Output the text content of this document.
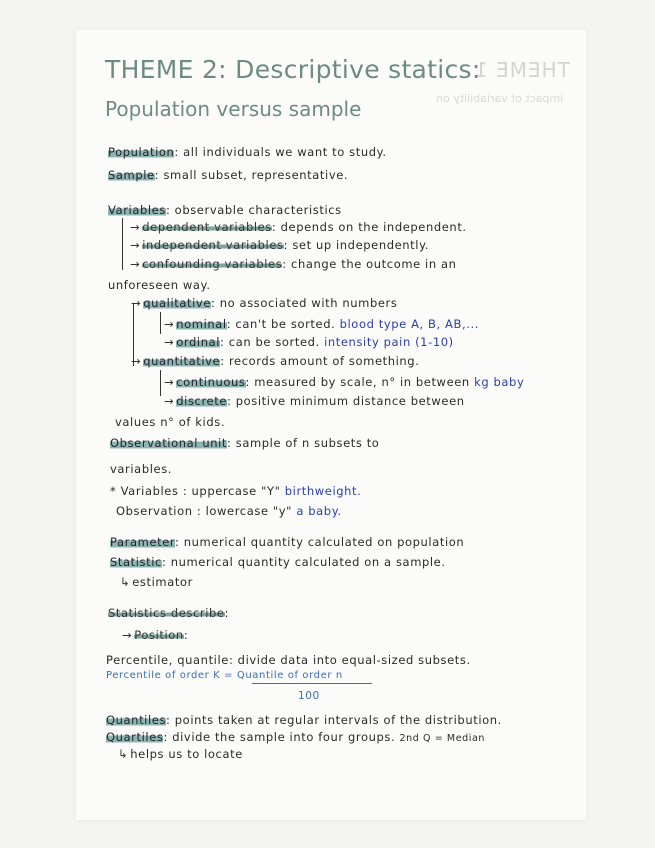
THEME 1
impact of variability on
THEME 2: Descriptive statics:
Population versus sample
Population: all individuals we want to study.
Sample: small subset, representative.
Variables: observable characteristics
→ dependent variables: depends on the independent.
→ independent variables: set up independently.
→ confounding variables: change the outcome in an
unforeseen way.
→ qualitative: no associated with numbers
→ nominal: can't be sorted. blood type A, B, AB,...
→ ordinal: can be sorted. intensity pain (1-10)
→ quantitative: records amount of something.
→ continuous: measured by scale, n° in between kg baby
→ discrete: positive minimum distance between
values n° of kids.
Observational unit: sample of n subsets to
variables.
* Variables : uppercase "Y" birthweight.
Observation : lowercase "y" a baby.
Parameter: numerical quantity calculated on population
Statistic: numerical quantity calculated on a sample.
↳ estimator
Statistics describe:
→ Position:
Percentile, quantile: divide data into equal-sized subsets.
Percentile of order K = Quantile of order n
100
Quantiles: points taken at regular intervals of the distribution.
Quartiles: divide the sample into four groups. 2nd Q = Median
↳ helps us to locate
